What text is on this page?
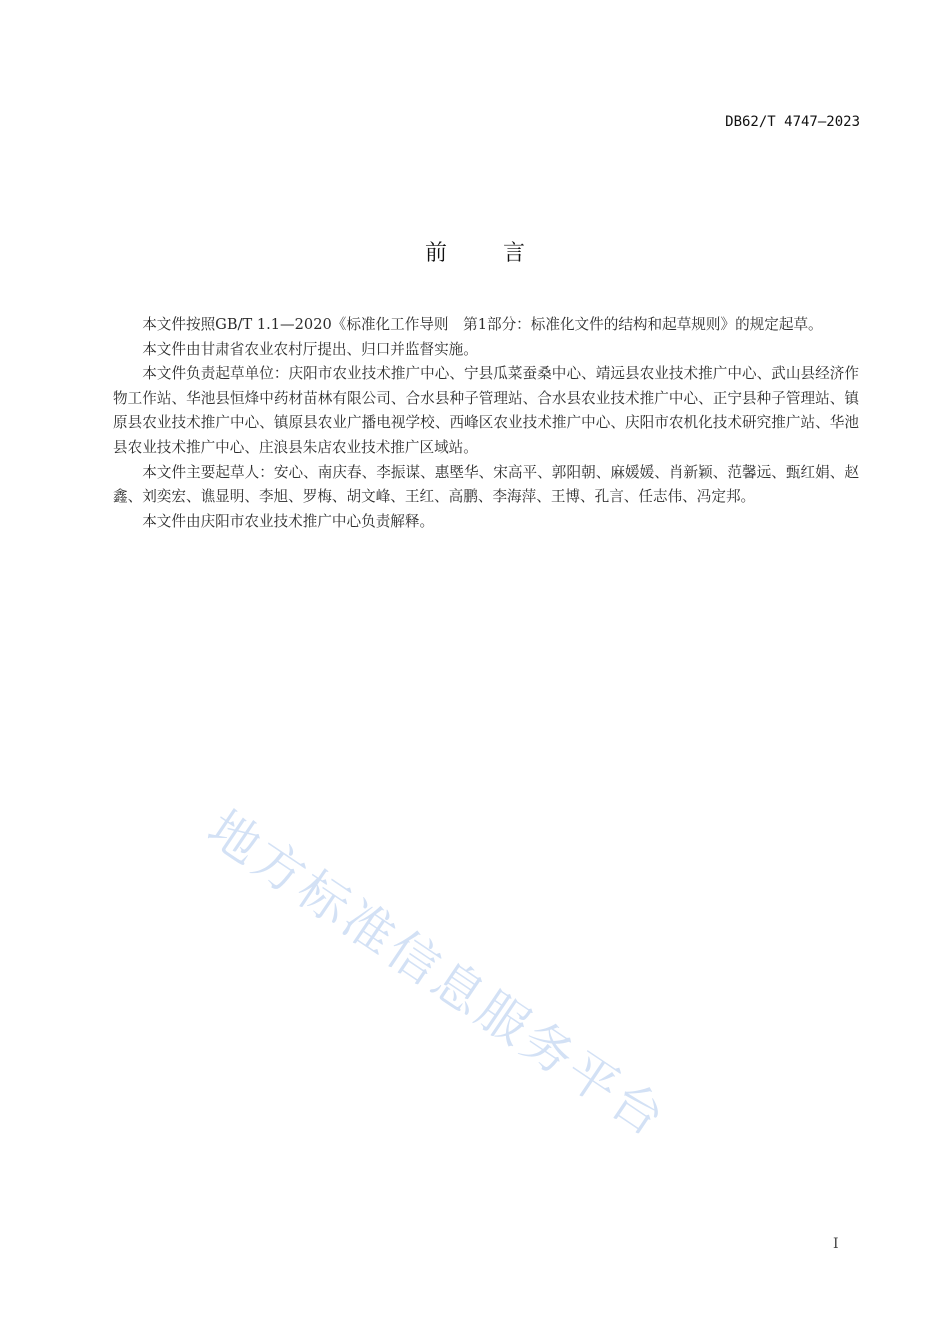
DB62/T 4747—2023
前	言

本文件按照GB/T 1.1—2020《标准化工作导则　第1部分：标准化文件的结构和起草规则》的规定起草。

本文件由甘肃省农业农村厅提出、归口并监督实施。

本文件负责起草单位：庆阳市农业技术推广中心、宁县瓜菜蚕桑中心、靖远县农业技术推广中心、武山县经济作物工作站、华池县恒烽中药材苗林有限公司、合水县种子管理站、合水县农业技术推广中心、正宁县种子管理站、镇原县农业技术推广中心、镇原县农业广播电视学校、西峰区农业技术推广中心、庆阳市农机化技术研究推广站、华池县农业技术推广中心、庄浪县朱店农业技术推广区域站。

本文件主要起草人：安心、南庆春、李振谋、惠塈华、宋高平、郭阳朝、麻媛媛、肖新颖、范馨远、甄红娟、赵鑫、刘奕宏、谯显明、李旭、罗梅、胡文峰、王红、高鹏、李海萍、王博、孔言、任志伟、冯定邦。

本文件由庆阳市农业技术推广中心负责解释。

地方标准信息服务平台
I
